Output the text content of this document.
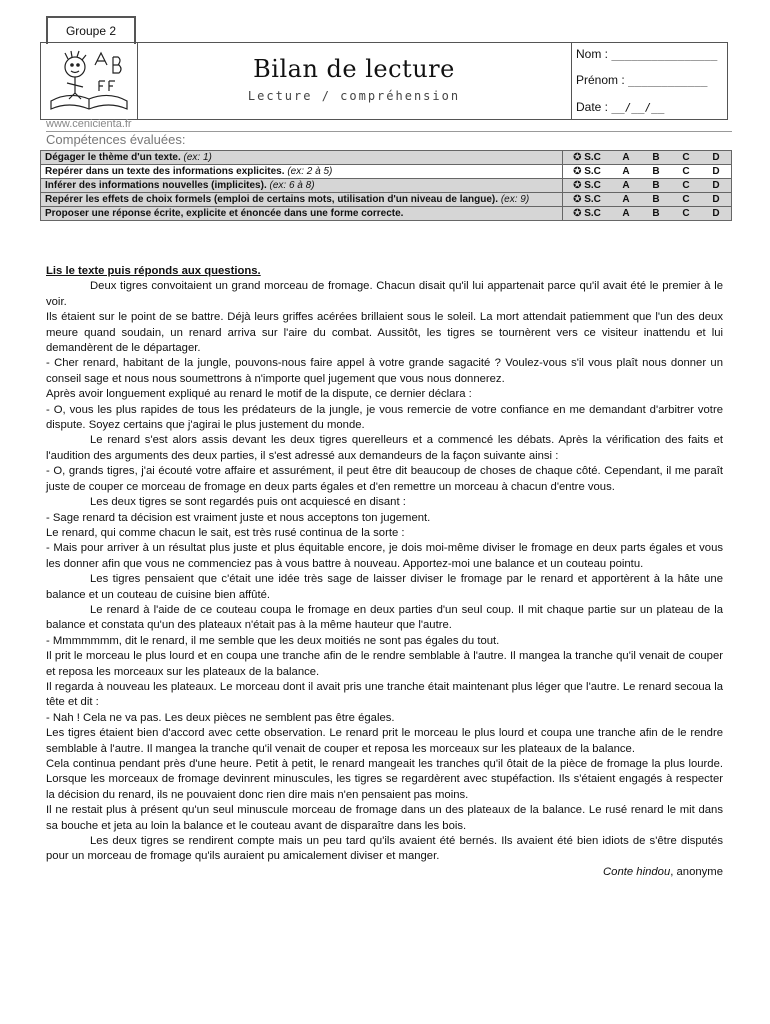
Groupe 2
Bilan de lecture
Lecture / compréhension
Nom : ________________
Prénom : ____________
Date : __/__/__
www.cenicienta.fr
Compétences évaluées:
Dégager le thème d'un texte. (ex: 1)	✪ S.C	A	B	C	D
Repérer dans un texte des informations explicites. (ex: 2 à 5)	✪ S.C	A	B	C	D
Inférer des informations nouvelles (implicites). (ex: 6 à 8)	✪ S.C	A	B	C	D
Repérer les effets de choix formels (emploi de certains mots, utilisation d'un niveau de langue). (ex: 9)	✪ S.C	A	B	C	D
Proposer une réponse écrite, explicite et énoncée dans une forme correcte.	✪ S.C	A	B	C	D

Lis le texte puis réponds aux questions.

Deux tigres convoitaient un grand morceau de fromage. Chacun disait qu'il lui appartenait parce qu'il avait été le premier à le voir.

Ils étaient sur le point de se battre. Déjà leurs griffes acérées brillaient sous le soleil. La mort attendait patiemment que l'un des deux meure quand soudain, un renard arriva sur l'aire du combat. Aussitôt, les tigres se tournèrent vers ce visiteur inattendu et lui demandèrent de le départager.

- Cher renard, habitant de la jungle, pouvons-nous faire appel à votre grande sagacité ? Voulez-vous s'il vous plaît nous donner un conseil sage et nous nous soumettrons à n'importe quel jugement que vous nous donnerez.

Après avoir longuement expliqué au renard le motif de la dispute, ce dernier déclara :

- O, vous les plus rapides de tous les prédateurs de la jungle, je vous remercie de votre confiance en me demandant d'arbitrer votre dispute. Soyez certains que j'agirai le plus justement du monde.

Le renard s'est alors assis devant les deux tigres querelleurs et a commencé les débats. Après la vérification des faits et l'audition des arguments des deux parties, il s'est adressé aux demandeurs de la façon suivante ainsi :

- O, grands tigres, j'ai écouté votre affaire et assurément, il peut être dit beaucoup de choses de chaque côté. Cependant, il me paraît juste de couper ce morceau de fromage en deux parts égales et d'en remettre un morceau à chacun d'entre vous.

Les deux tigres se sont regardés puis ont acquiescé en disant :

- Sage renard ta décision est vraiment juste et nous acceptons ton jugement.

Le renard, qui comme chacun le sait, est très rusé continua de la sorte :

- Mais pour arriver à un résultat plus juste et plus équitable encore, je dois moi-même diviser le fromage en deux parts égales et vous les donner afin que vous ne commenciez pas à vous battre à nouveau. Apportez-moi une balance et un couteau pointu.

Les tigres pensaient que c'était une idée très sage de laisser diviser le fromage par le renard et apportèrent à la hâte une balance et un couteau de cuisine bien affûté.

Le renard à l'aide de ce couteau coupa le fromage en deux parties d'un seul coup. Il mit chaque partie sur un plateau de la balance et constata qu'un des plateaux n'était pas à la même hauteur que l'autre.

- Mmmmmmm, dit le renard, il me semble que les deux moitiés ne sont pas égales du tout.

Il prit le morceau le plus lourd et en coupa une tranche afin de le rendre semblable à l'autre. Il mangea la tranche qu'il venait de couper et reposa les morceaux sur les plateaux de la balance.

Il regarda à nouveau les plateaux. Le morceau dont il avait pris une tranche était maintenant plus léger que l'autre. Le renard secoua la tête et dit :

- Nah ! Cela ne va pas. Les deux pièces ne semblent pas être égales.

Les tigres étaient bien d'accord avec cette observation. Le renard prit le morceau le plus lourd et coupa une tranche afin de le rendre semblable à l'autre. Il mangea la tranche qu'il venait de couper et reposa les morceaux sur les plateaux de la balance.

Cela continua pendant près d'une heure. Petit à petit, le renard mangeait les tranches qu'il ôtait de la pièce de fromage la plus lourde. Lorsque les morceaux de fromage devinrent minuscules, les tigres se regardèrent avec stupéfaction. Ils s'étaient engagés à respecter la décision du renard, ils ne pouvaient donc rien dire mais n'en pensaient pas moins.

Il ne restait plus à présent qu'un seul minuscule morceau de fromage dans un des plateaux de la balance. Le rusé renard le mit dans sa bouche et jeta au loin la balance et le couteau avant de disparaître dans les bois.

Les deux tigres se rendirent compte mais un peu tard qu'ils avaient été bernés. Ils avaient été bien idiots de s'être disputés pour un morceau de fromage qu'ils auraient pu amicalement diviser et manger.

Conte hindou, anonyme
